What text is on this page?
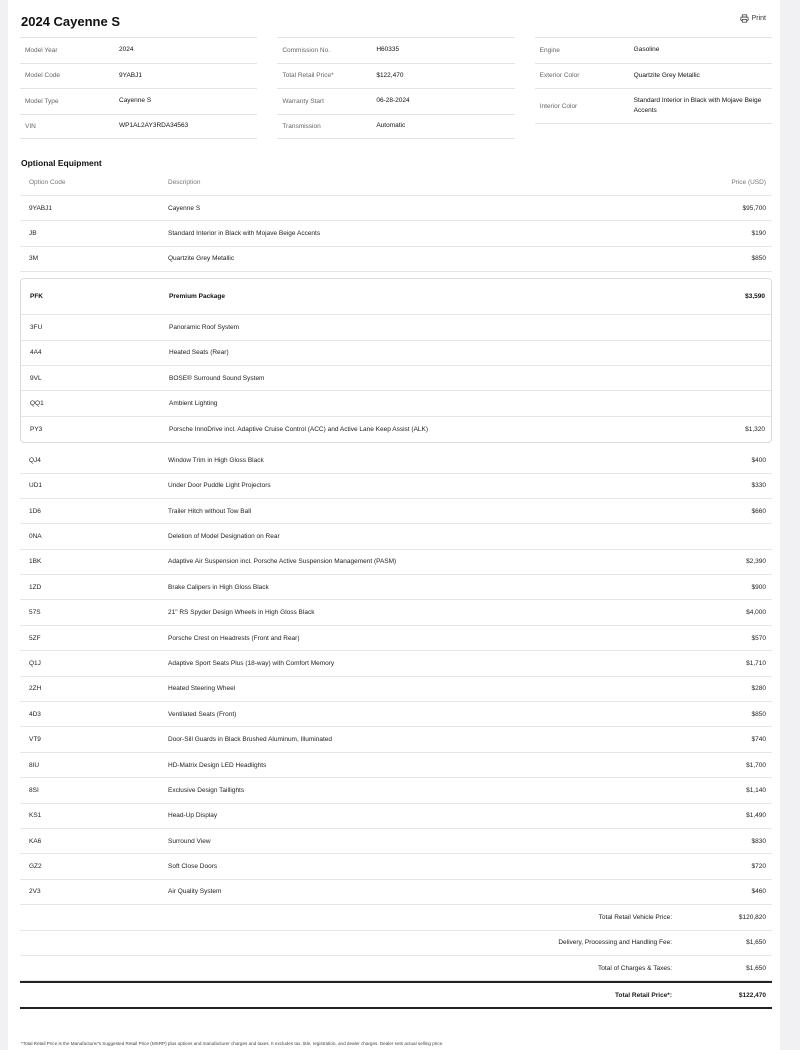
2024 Cayenne S	Print
Model Year	2024
Model Code	9YABJ1
Model Type	Cayenne S
VIN	WP1AL2AY3RDA34563
Commission No.	H60335
Total Retail Price*	$122,470
Warranty Start	06-28-2024
Transmission	Automatic
Engine	Gasoline
Exterior Color	Quartzite Grey Metallic
Interior Color
Standard Interior in Black with Mojave Beige Accents
Optional Equipment
Option Code	Description	Price (USD)
9YABJ1	Cayenne S	$95,700
JB	Standard Interior in Black with Mojave Beige Accents	$190
3M	Quartzite Grey Metallic	$850
PFK	Premium Package	$3,590
3FU	Panoramic Roof System
4A4	Heated Seats (Rear)
9VL	BOSE® Surround Sound System
QQ1	Ambient Lighting
PY3	Porsche InnoDrive incl. Adaptive Cruise Control (ACC) and Active Lane Keep Assist (ALK)	$1,320
QJ4	Window Trim in High Gloss Black	$400
UD1	Under Door Puddle Light Projectors	$330
1D6	Trailer Hitch without Tow Ball	$660
0NA	Deletion of Model Designation on Rear
1BK	Adaptive Air Suspension incl. Porsche Active Suspension Management (PASM)	$2,390
1ZD	Brake Calipers in High Gloss Black	$900
57S	21" RS Spyder Design Wheels in High Gloss Black	$4,000
5ZF	Porsche Crest on Headrests (Front and Rear)	$570
Q1J	Adaptive Sport Seats Plus (18-way) with Comfort Memory	$1,710
2ZH	Heated Steering Wheel	$280
4D3	Ventilated Seats (Front)	$850
VT9	Door-Sill Guards in Black Brushed Aluminum, Illuminated	$740
8IU	HD-Matrix Design LED Headlights	$1,700
8SI	Exclusive Design Taillights	$1,140
KS1	Head-Up Display	$1,490
KA6	Surround View	$830
GZ2	Soft Close Doors	$720
2V3	Air Quality System	$460
Total Retail Vehicle Price:	$120,820
Delivery, Processing and Handling Fee:	$1,650
Total of Charges & Taxes:	$1,650
Total Retail Price*:	$122,470
*Total Retail Price is the Manufacturer's Suggested Retail Price (MSRP) plus options and manufacturer charges and taxes. It excludes tax, title, registration, and dealer charges. Dealer sets actual selling price.
